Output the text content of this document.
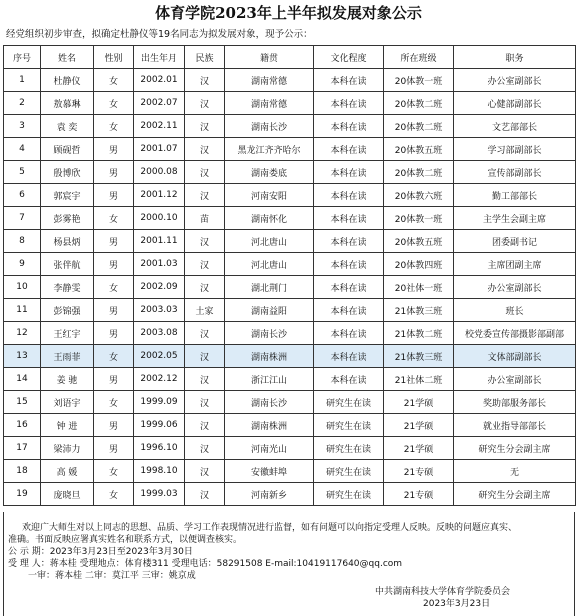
体育学院2023年上半年拟发展对象公示
经党组织初步审查，拟确定杜静仪等19名同志为拟发展对象，现予公示：
序号	姓名	性别	出生年月	民族	籍贯	文化程度	所在班级	职务
1	杜静仪	女	2002.01	汉	湖南常德	本科在读	20体教一班	办公室副部长
2	敖慕琳	女	2002.07	汉	湖南常德	本科在读	20体教二班	心健部副部长
3	袁 奕	女	2002.11	汉	湖南长沙	本科在读	20体教二班	文艺部部长
4	顾砚哲	男	2001.07	汉	黑龙江齐齐哈尔	本科在读	20体教五班	学习部副部长
5	殷博欣	男	2000.08	汉	湖南娄底	本科在读	20体教二班	宣传部副部长
6	郭宸宇	男	2001.12	汉	河南安阳	本科在读	20体教六班	勤工部部长
7	彭雾艳	女	2000.10	苗	湖南怀化	本科在读	20体教一班	主学生会副主席
8	杨县炳	男	2001.11	汉	河北唐山	本科在读	20体教五班	团委副书记
9	张伴航	男	2001.03	汉	河北唐山	本科在读	20体教四班	主席团副主席
10	李静雯	女	2002.09	汉	湖北荆门	本科在读	20社体一班	办公室副部长
11	彭锦强	男	2003.03	土家	湖南益阳	本科在读	21体教三班	班长
12	王红宇	男	2003.08	汉	湖南长沙	本科在读	21体教二班	校党委宣传部摄影部副部
13	王雨菲	女	2002.05	汉	湖南株洲	本科在读	21体教三班	文体部副部长
14	姜 驰	男	2002.12	汉	浙江江山	本科在读	21社体二班	办公室副部长
15	刘语宇	女	1999.09	汉	湖南长沙	研究生在读	21学硕	奖助部服务部长
16	钟 进	男	1999.06	汉	湖南株洲	研究生在读	21学硕	就业指导部部长
17	梁沛力	男	1996.10	汉	河南光山	研究生在读	21学硕	研究生分会副主席
18	高 媛	女	1998.10	汉	安徽蚌埠	研究生在读	21专硕	无
19	庞晓旦	女	1999.03	汉	河南新乡	研究生在读	21专硕	研究生分会副主席
欢迎广大师生对以上同志的思想、品质、学习工作表现情况进行监督，如有问题可以向指定受理人反映。反映的问题应真实、
准确。书面反映应署真实姓名和联系方式，以便调查核实。
公 示 期：2023年3月23日至2023年3月30日
受 理 人：蒋本桂 受理地点：体育楼311 受理电话：58291508 E-mail:10419117640@qq.com
一审：蒋本桂 二审：莫江平 三审：姚京成
中共湖南科技大学体育学院委员会
2023年3月23日
